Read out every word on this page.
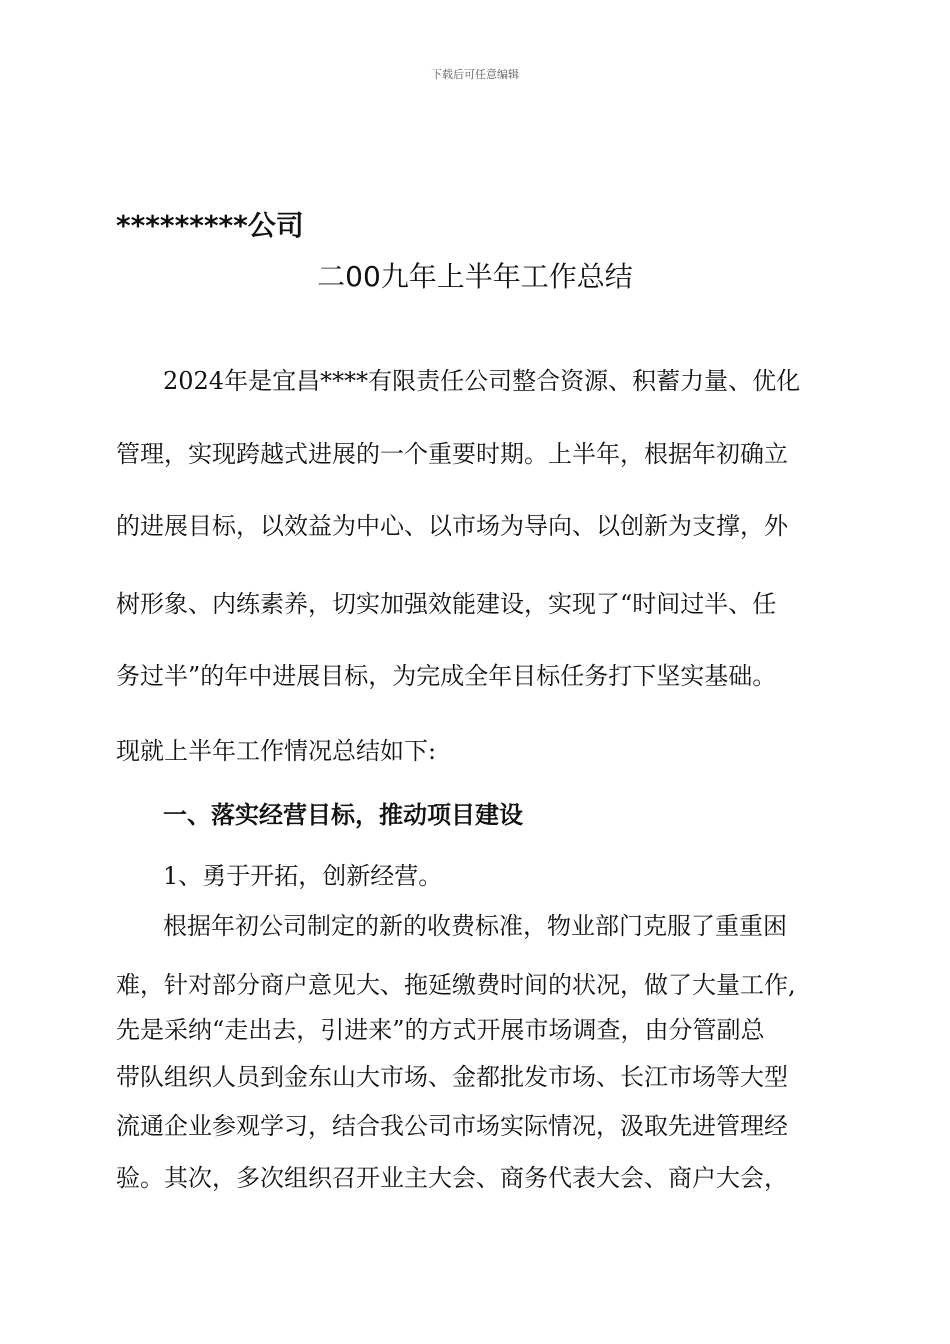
下载后可任意编辑
*********公司
二00九年上半年工作总结
2024年是宜昌****有限责任公司整合资源、积蓄力量、优化
管理，实现跨越式进展的一个重要时期。上半年，根据年初确立
的进展目标，以效益为中心、以市场为导向、以创新为支撑，外
树形象、内练素养，切实加强效能建设，实现了“时间过半、任
务过半”的年中进展目标，为完成全年目标任务打下坚实基础。
现就上半年工作情况总结如下:
一、落实经营目标，推动项目建设
1、勇于开拓，创新经营。
根据年初公司制定的新的收费标准，物业部门克服了重重困
难，针对部分商户意见大、拖延缴费时间的状况，做了大量工作,
先是采纳“走出去，引进来”的方式开展市场调查，由分管副总
带队组织人员到金东山大市场、金都批发市场、长江市场等大型
流通企业参观学习，结合我公司市场实际情况，汲取先进管理经
验。其次，多次组织召开业主大会、商务代表大会、商户大会，
